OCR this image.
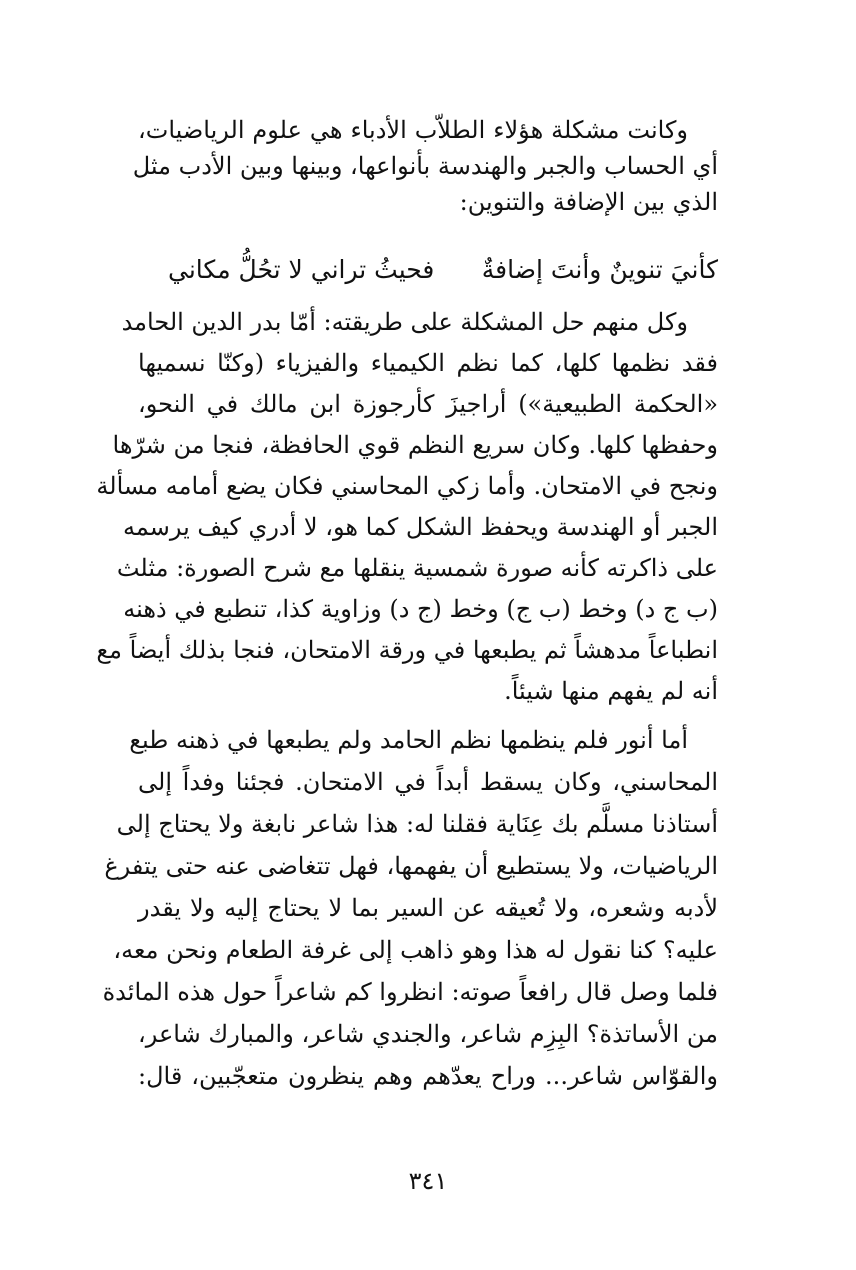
وكانت مشكلة هؤلاء الطلاّب الأدباء هي علوم الرياضيات،
أي الحساب والجبر والهندسة بأنواعها، وبينها وبين الأدب مثل
الذي بين الإضافة والتنوين:
كأنيَ تنوينٌ وأنتَ إضافةٌ
فحيثُ تراني لا تحُلُّ مكاني
وكل منهم حل المشكلة على طريقته: أمّا بدر الدين الحامد
فقد نظمها كلها، كما نظم الكيمياء والفيزياء (وكنّا نسميها
«الحكمة الطبيعية») أراجيزَ كأرجوزة ابن مالك في النحو،
وحفظها كلها. وكان سريع النظم قوي الحافظة، فنجا من شرّها
ونجح في الامتحان. وأما زكي المحاسني فكان يضع أمامه مسألة
الجبر أو الهندسة ويحفظ الشكل كما هو، لا أدري كيف يرسمه
على ذاكرته كأنه صورة شمسية ينقلها مع شرح الصورة: مثلث
(ب ج د) وخط (ب ج) وخط (ج د) وزاوية كذا، تنطبع في ذهنه
انطباعاً مدهشاً ثم يطبعها في ورقة الامتحان، فنجا بذلك أيضاً مع
أنه لم يفهم منها شيئاً.
أما أنور فلم ينظمها نظم الحامد ولم يطبعها في ذهنه طبع
المحاسني، وكان يسقط أبداً في الامتحان. فجئنا وفداً إلى
أستاذنا مسلَّم بك عِنَاية فقلنا له: هذا شاعر نابغة ولا يحتاج إلى
الرياضيات، ولا يستطيع أن يفهمها، فهل تتغاضى عنه حتى يتفرغ
لأدبه وشعره، ولا تُعيقه عن السير بما لا يحتاج إليه ولا يقدر
عليه؟ كنا نقول له هذا وهو ذاهب إلى غرفة الطعام ونحن معه،
فلما وصل قال رافعاً صوته: انظروا كم شاعراً حول هذه المائدة
من الأساتذة؟ البِزِم شاعر، والجندي شاعر، والمبارك شاعر،
والقوّاس شاعر... وراح يعدّهم وهم ينظرون متعجّبين، قال:
٣٤١
